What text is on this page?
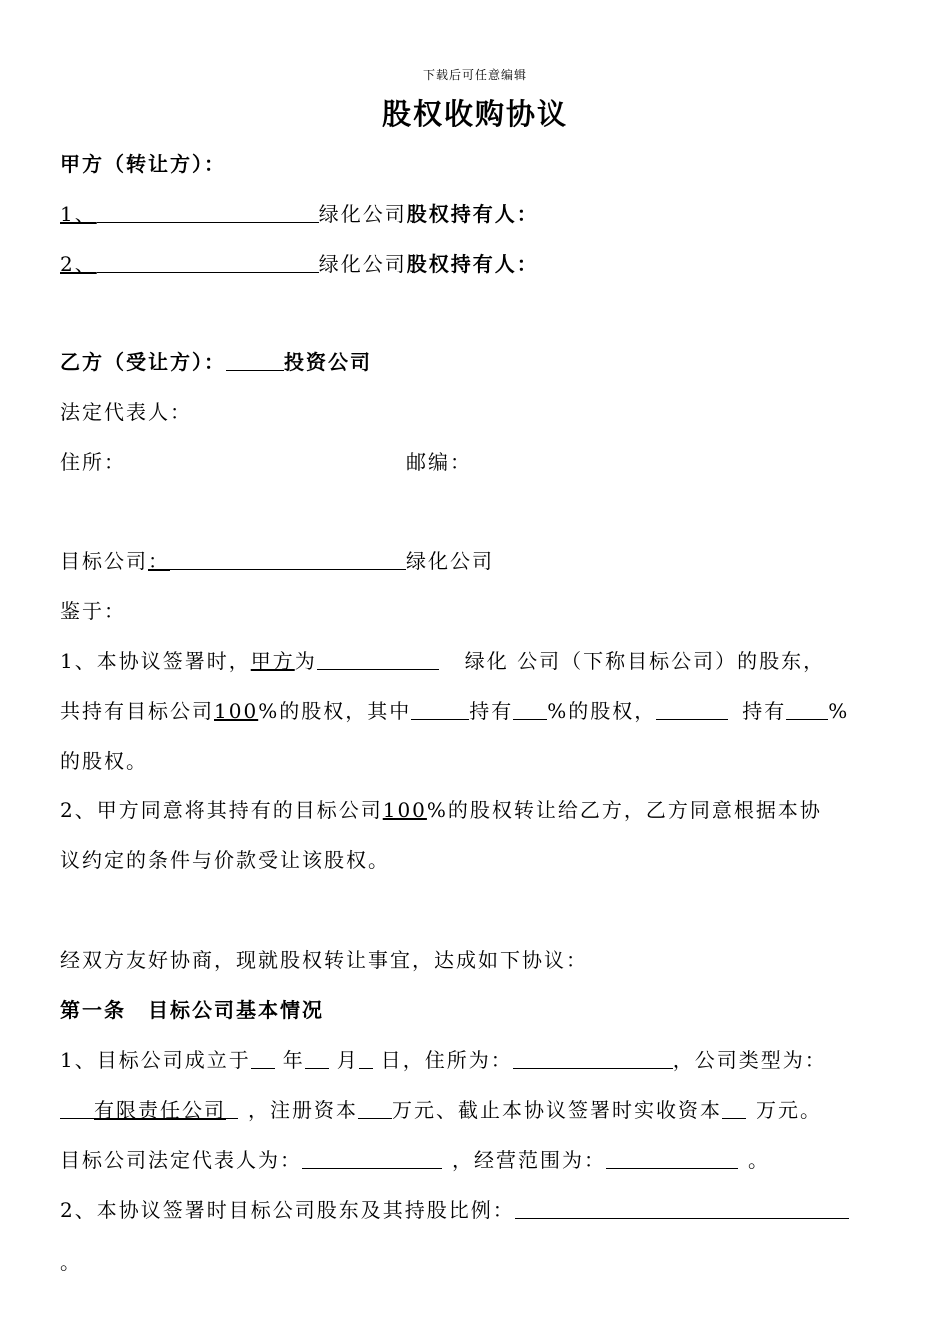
下载后可任意编辑
股权收购协议
甲方（转让方）：
1、	绿化公司股权持有人：
2、	绿化公司股权持有人：
乙方（受让方）：	投资公司
法定代表人：
住所：	邮编：
目标公司：	绿化公司
鉴于：
1、本协议签署时，甲方为	绿化 公司（下称目标公司）的股东，
共持有目标公司100%的股权，其中	持有 %的股权，	持有 %
的股权。
2、甲方同意将其持有的目标公司100%的股权转让给乙方，乙方同意根据本协
议约定的条件与价款受让该股权。
经双方友好协商，现就股权转让事宜，达成如下协议：
第一条　目标公司基本情况
1、目标公司成立于 年 月 日，住所为：	，公司类型为：
有限责任公司 ，注册资本 万元、截止本协议签署时实收资本 万元。
目标公司法定代表人为：	，经营范围为：	。
2、本协议签署时目标公司股东及其持股比例：
。
